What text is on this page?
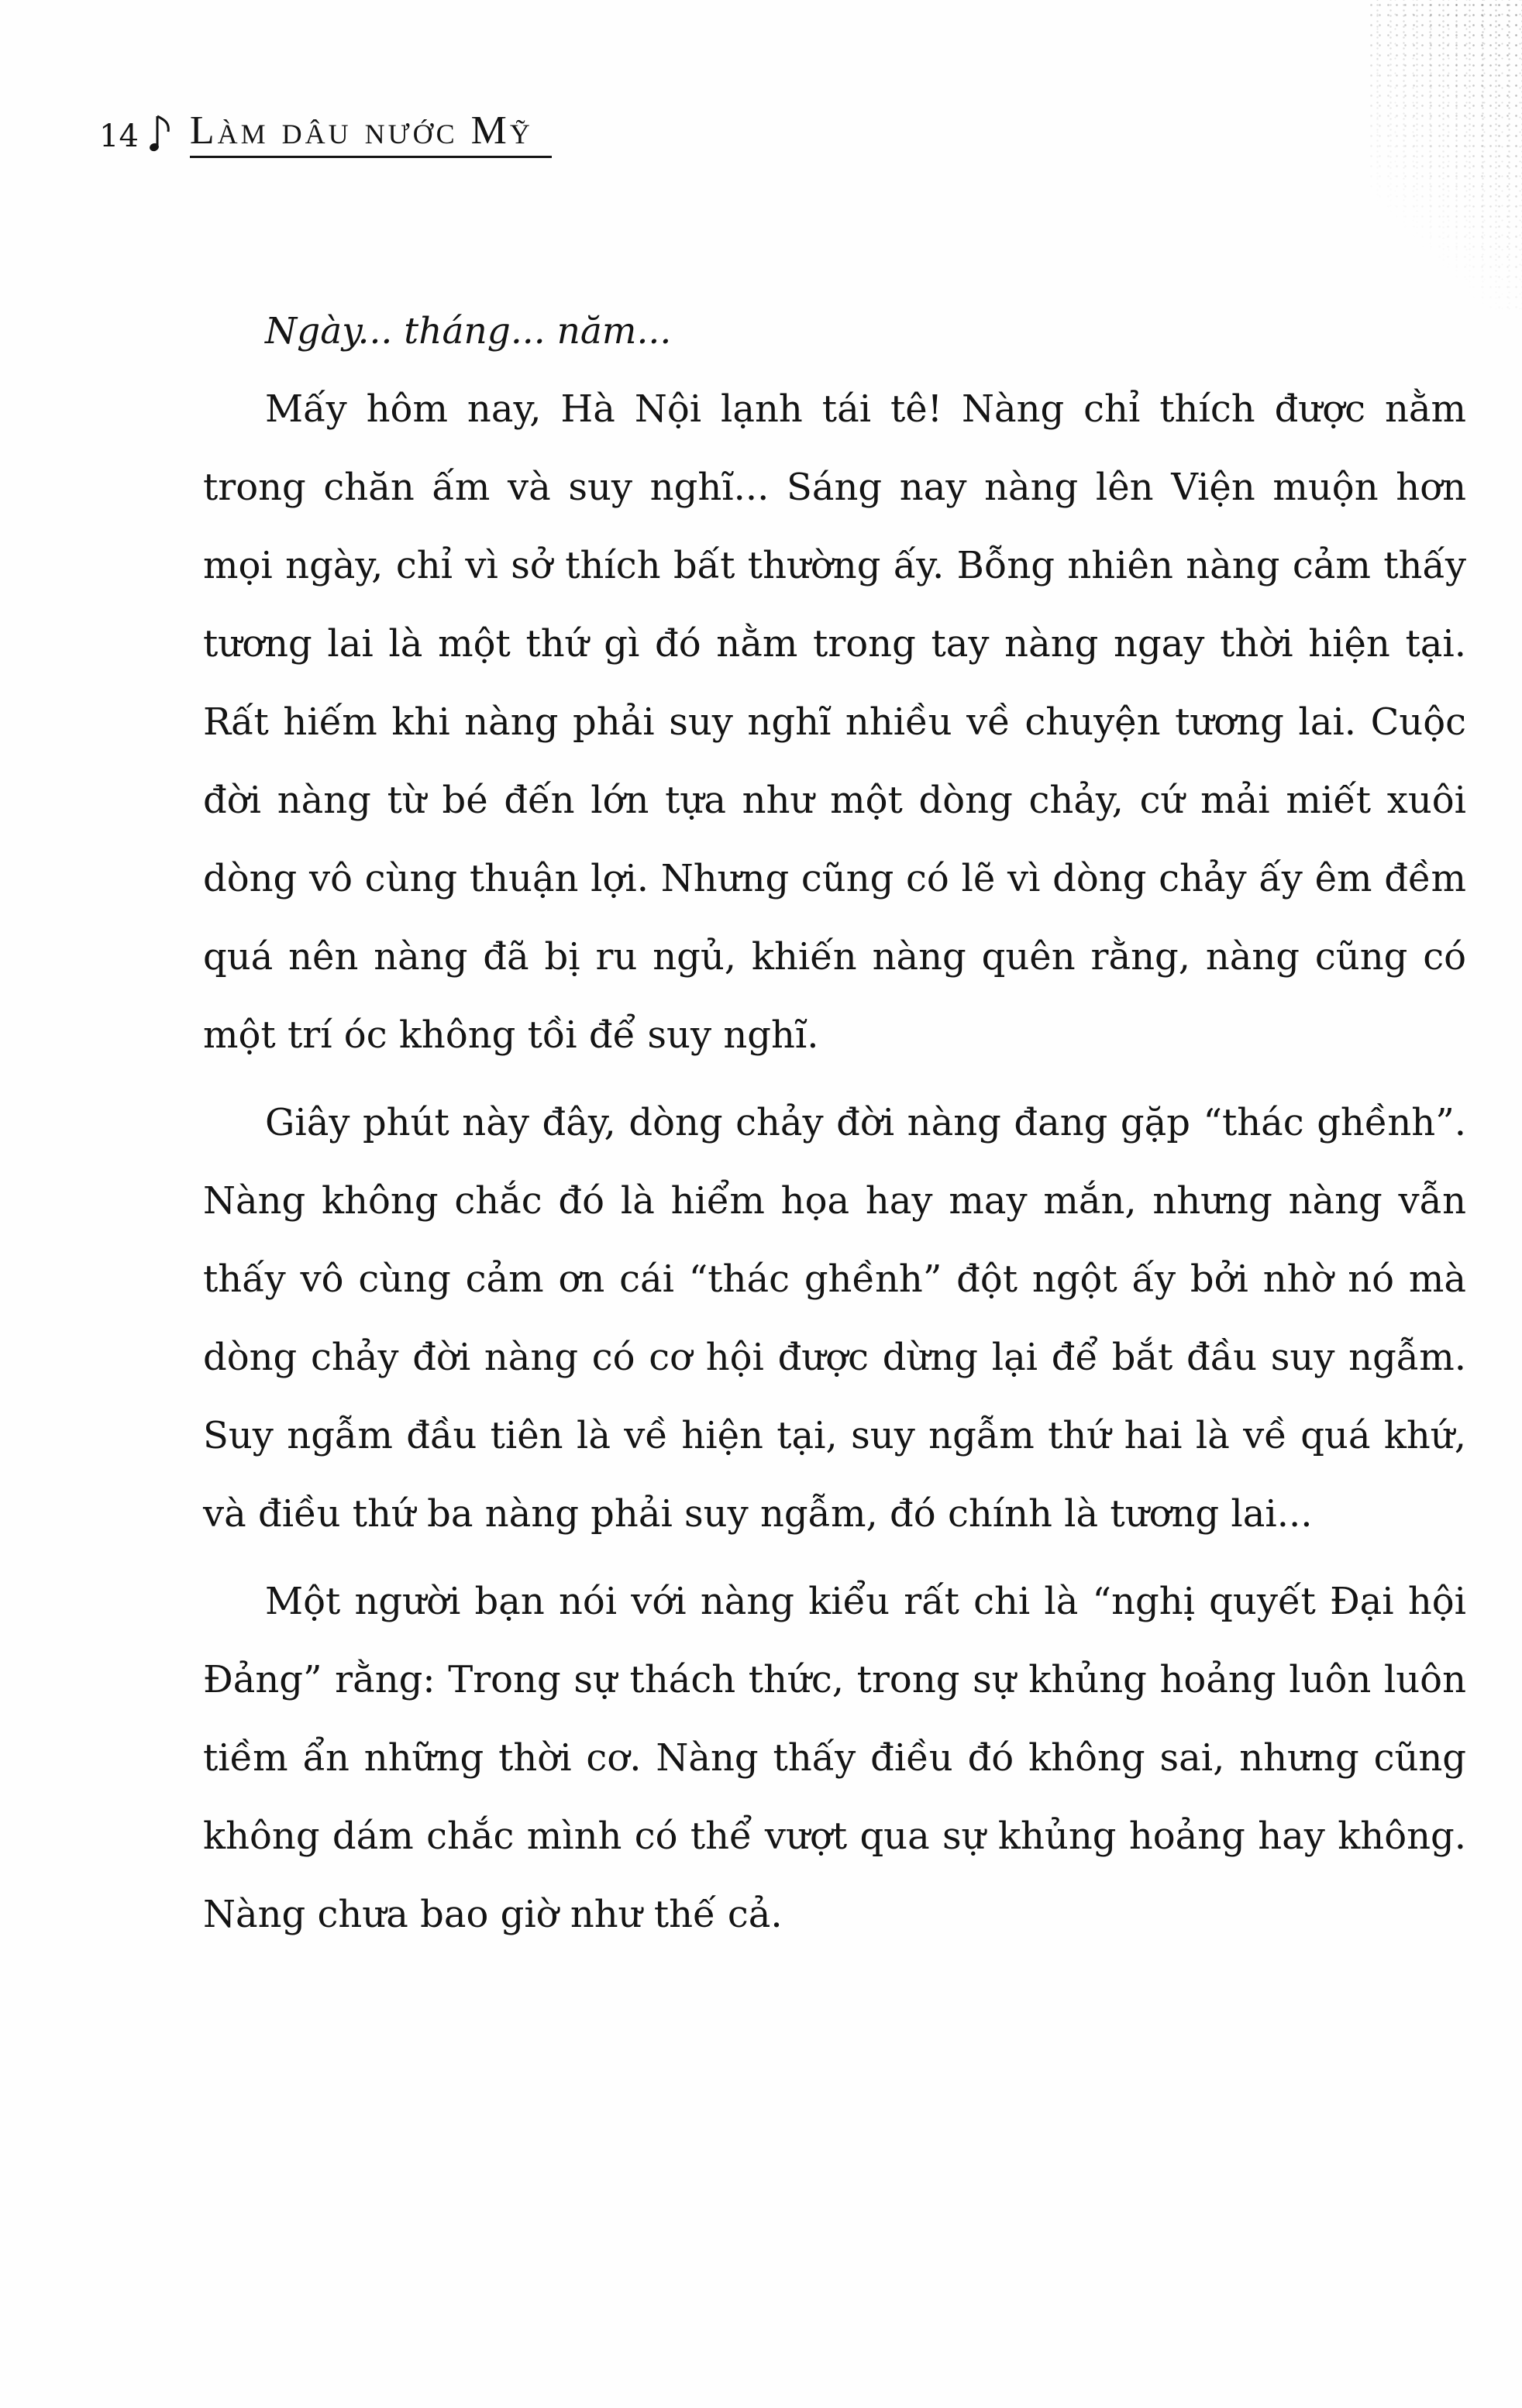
14 Làm dâu nước Mỹ
Ngày... tháng... năm...

Mấy hôm nay, Hà Nội lạnh tái tê! Nàng chỉ thích được nằm trong chăn ấm và suy nghĩ... Sáng nay nàng lên Viện muộn hơn mọi ngày, chỉ vì sở thích bất thường ấy. Bỗng nhiên nàng cảm thấy tương lai là một thứ gì đó nằm trong tay nàng ngay thời hiện tại. Rất hiếm khi nàng phải suy nghĩ nhiều về chuyện tương lai. Cuộc đời nàng từ bé đến lớn tựa như một dòng chảy, cứ mải miết xuôi dòng vô cùng thuận lợi. Nhưng cũng có lẽ vì dòng chảy ấy êm đềm quá nên nàng đã bị ru ngủ, khiến nàng quên rằng, nàng cũng có một trí óc không tồi để suy nghĩ.

Giây phút này đây, dòng chảy đời nàng đang gặp “thác ghềnh”. Nàng không chắc đó là hiểm họa hay may mắn, nhưng nàng vẫn thấy vô cùng cảm ơn cái “thác ghềnh” đột ngột ấy bởi nhờ nó mà dòng chảy đời nàng có cơ hội được dừng lại để bắt đầu suy ngẫm. Suy ngẫm đầu tiên là về hiện tại, suy ngẫm thứ hai là về quá khứ, và điều thứ ba nàng phải suy ngẫm, đó chính là tương lai...

Một người bạn nói với nàng kiểu rất chi là “nghị quyết Đại hội Đảng” rằng: Trong sự thách thức, trong sự khủng hoảng luôn luôn tiềm ẩn những thời cơ. Nàng thấy điều đó không sai, nhưng cũng không dám chắc mình có thể vượt qua sự khủng hoảng hay không. Nàng chưa bao giờ như thế cả.
